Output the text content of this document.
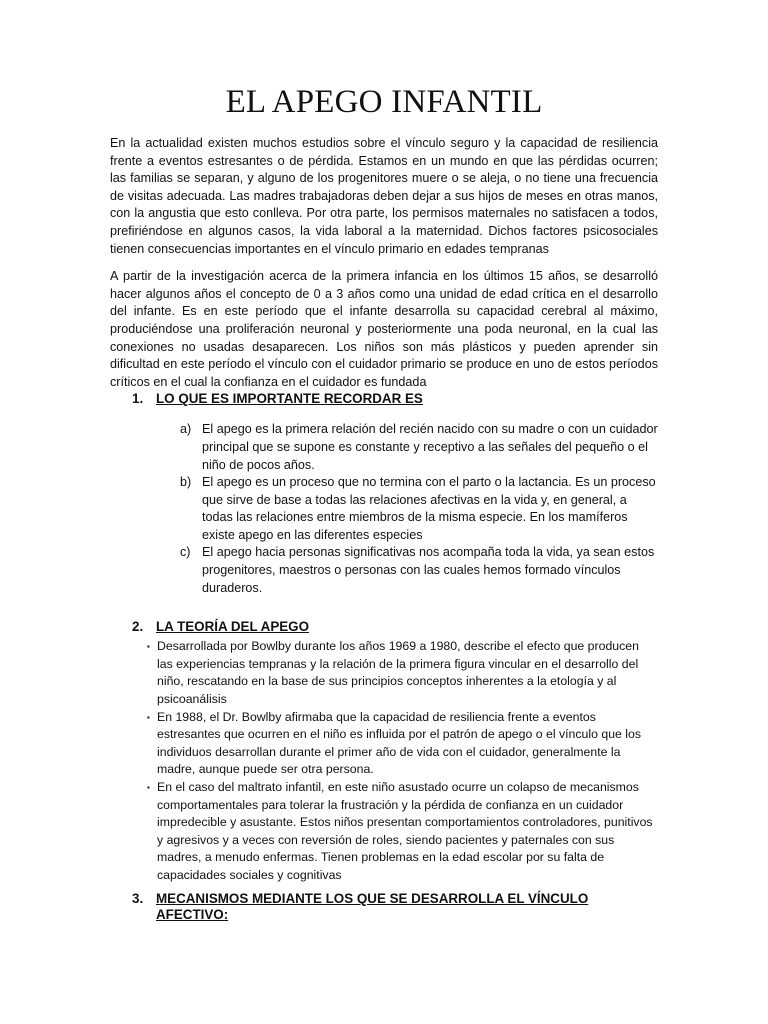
EL APEGO INFANTIL

En la actualidad existen muchos estudios sobre el vínculo seguro y la capacidad de resiliencia frente a eventos estresantes o de pérdida. Estamos en un mundo en que las pérdidas ocurren; las familias se separan, y alguno de los progenitores muere o se aleja, o no tiene una frecuencia de visitas adecuada. Las madres trabajadoras deben dejar a sus hijos de meses en otras manos, con la angustia que esto conlleva. Por otra parte, los permisos maternales no satisfacen a todos, prefiriéndose en algunos casos, la vida laboral a la maternidad. Dichos factores psicosociales tienen consecuencias importantes en el vínculo primario en edades tempranas

A partir de la investigación acerca de la primera infancia en los últimos 15 años, se desarrolló hacer algunos años el concepto de 0 a 3 años como una unidad de edad crítica en el desarrollo del infante. Es en este período que el infante desarrolla su capacidad cerebral al máximo, produciéndose una proliferación neuronal y posteriormente una poda neuronal, en la cual las conexiones no usadas desaparecen. Los niños son más plásticos y pueden aprender sin dificultad en este período el vínculo con el cuidador primario se produce en uno de estos períodos críticos en el cual la confianza en el cuidador es fundada

1. LO QUE ES IMPORTANTE RECORDAR ES
a) El apego es la primera relación del recién nacido con su madre o con un cuidador principal que se supone es constante y receptivo a las señales del pequeño o el niño de pocos años.
b) El apego es un proceso que no termina con el parto o la lactancia. Es un proceso que sirve de base a todas las relaciones afectivas en la vida y, en general, a todas las relaciones entre miembros de la misma especie. En los mamíferos existe apego en las diferentes especies
c) El apego hacia personas significativas nos acompaña toda la vida, ya sean estos progenitores, maestros o personas con las cuales hemos formado vínculos duraderos.
2. LA TEORÍA DEL APEGO
▪ Desarrollada por Bowlby durante los años 1969 a 1980, describe el efecto que producen las experiencias tempranas y la relación de la primera figura vincular en el desarrollo del niño, rescatando en la base de sus principios conceptos inherentes a la etología y al psicoanálisis
▪ En 1988, el Dr. Bowlby afirmaba que la capacidad de resiliencia frente a eventos estresantes que ocurren en el niño es influida por el patrón de apego o el vínculo que los individuos desarrollan durante el primer año de vida con el cuidador, generalmente la madre, aunque puede ser otra persona.
▪ En el caso del maltrato infantil, en este niño asustado ocurre un colapso de mecanismos comportamentales para tolerar la frustración y la pérdida de confianza en un cuidador impredecible y asustante. Estos niños presentan comportamientos controladores, punitivos y agresivos y a veces con reversión de roles, siendo pacientes y paternales con sus madres, a menudo enfermas. Tienen problemas en la edad escolar por su falta de capacidades sociales y cognitivas
3. MECANISMOS MEDIANTE LOS QUE SE DESARROLLA EL VÍNCULO AFECTIVO:
